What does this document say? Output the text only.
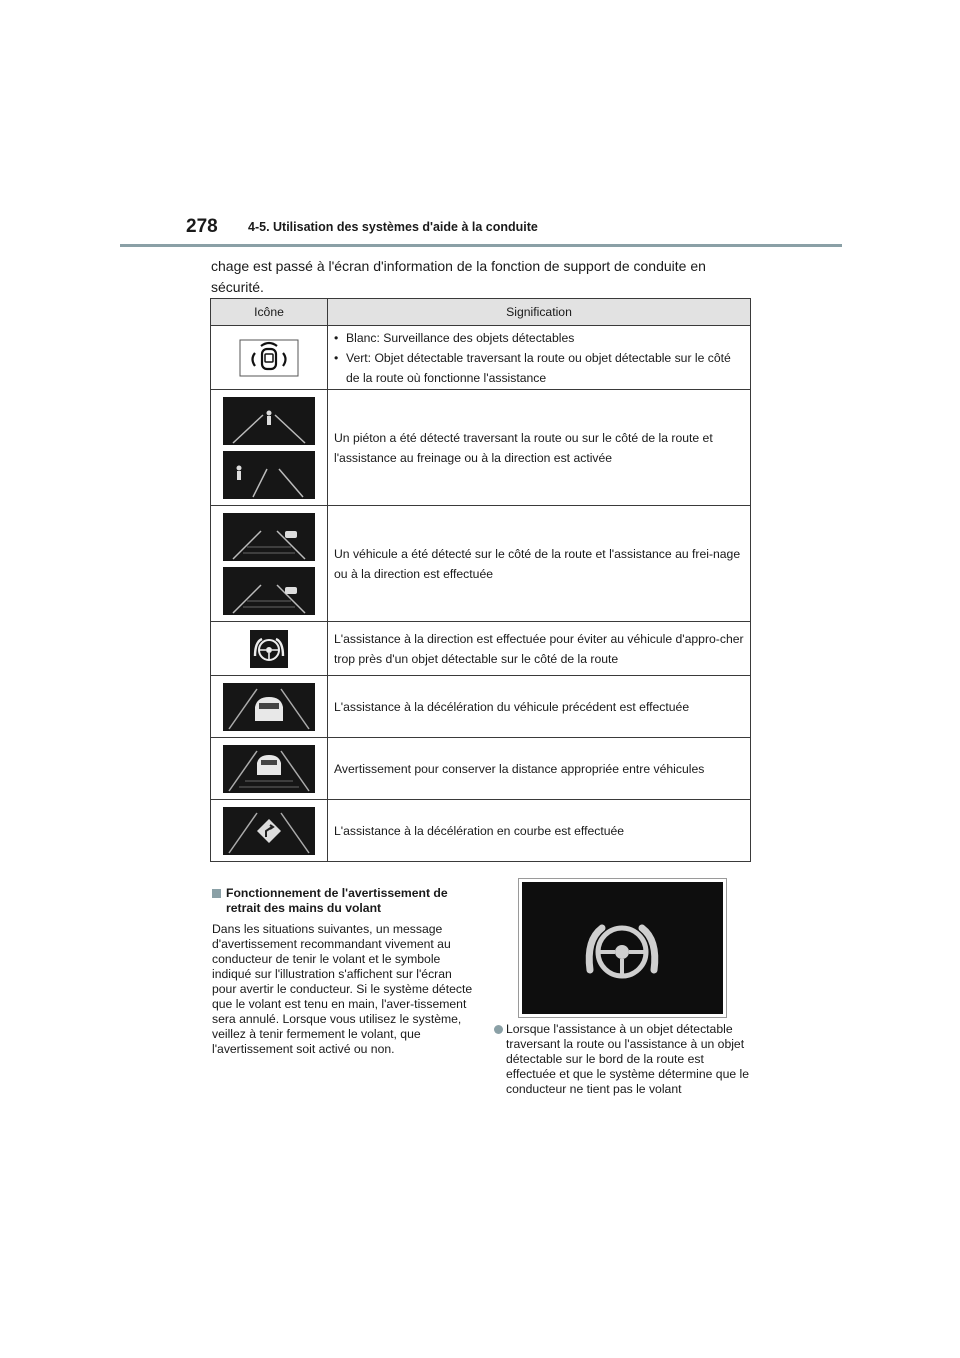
278 4-5. Utilisation des systèmes d'aide à la conduite
chage est passé à l'écran d'information de la fonction de support de conduite en sécurité.
Icône	Signification

• Blanc: Surveillance des objets détectables
• Vert: Objet détectable traversant la route ou objet détectable sur le côté de la route où fonctionne l'assistance

	Un piéton a été détecté traversant la route ou sur le côté de la route et l'assistance au freinage ou à la direction est activée

	Un véhicule a été détecté sur le côté de la route et l'assistance au frei-nage ou à la direction est effectuée

	L'assistance à la direction est effectuée pour éviter au véhicule d'appro-cher trop près d'un objet détectable sur le côté de la route

	L'assistance à la décélération du véhicule précédent est effectuée

	Avertissement pour conserver la distance appropriée entre véhicules

	L'assistance à la décélération en courbe est effectuée
Fonctionnement de l'avertissement de retrait des mains du volant
Dans les situations suivantes, un message d'avertissement recommandant vivement au conducteur de tenir le volant et le symbole indiqué sur l'illustration s'affichent sur l'écran pour avertir le conducteur. Si le système détecte que le volant est tenu en main, l'aver-tissement sera annulé. Lorsque vous utilisez le système, veillez à tenir fermement le volant, que l'avertissement soit activé ou non.
Lorsque l'assistance à un objet détectable traversant la route ou l'assistance à un objet détectable sur le bord de la route est effectuée et que le système détermine que le conducteur ne tient pas le volant
